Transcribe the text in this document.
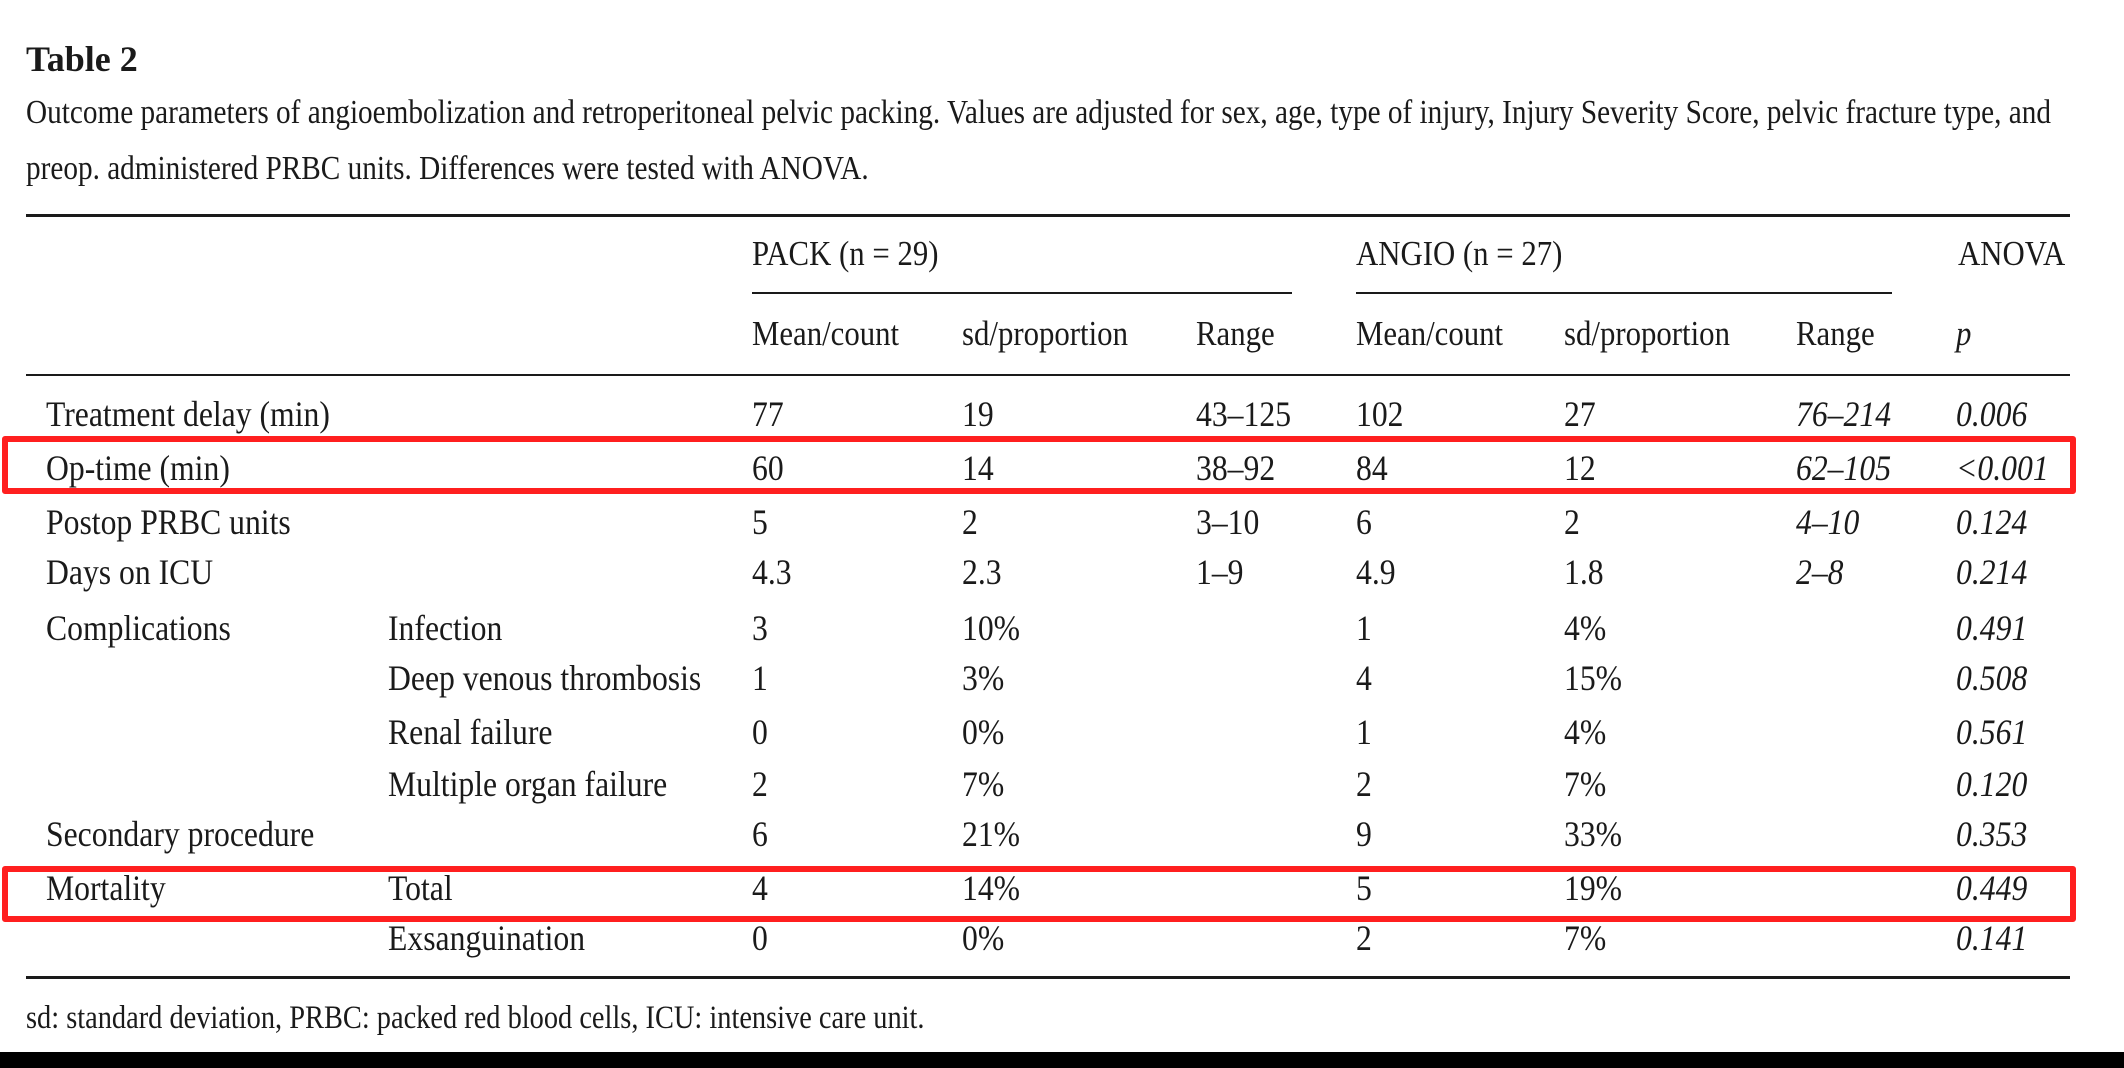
Table 2
Outcome parameters of angioembolization and retroperitoneal pelvic packing. Values are adjusted for sex, age, type of injury, Injury Severity Score, pelvic fracture type, and
preop. administered PRBC units. Differences were tested with ANOVA.
PACK (n = 29)	ANGIO (n = 27)	ANOVA
Mean/count sd/proportion Range Mean/count sd/proportion Range p
Treatment delay (min)	77	19	43–125 102	27	76–214 0.006
Op-time (min)	60	14	38–92 84	12	62–105 <0.001
Postop PRBC units	5	2	3–10	6	2	4–10	0.124
Days on ICU	4.3	2.3	1–9	4.9	1.8	2–8	0.214
Complications	Infection	3	10%	1	4%	0.491
Deep venous thrombosis 1	3%	4	15%	0.508
Renal failure	0	0%	1	4%	0.561
Multiple organ failure 2	7%	2	7%	0.120
Secondary procedure	6	21%	9	33%	0.353
Mortality	Total	4	14%	5	19%	0.449
Exsanguination	0	0%	2	7%	0.141
sd: standard deviation, PRBC: packed red blood cells, ICU: intensive care unit.
